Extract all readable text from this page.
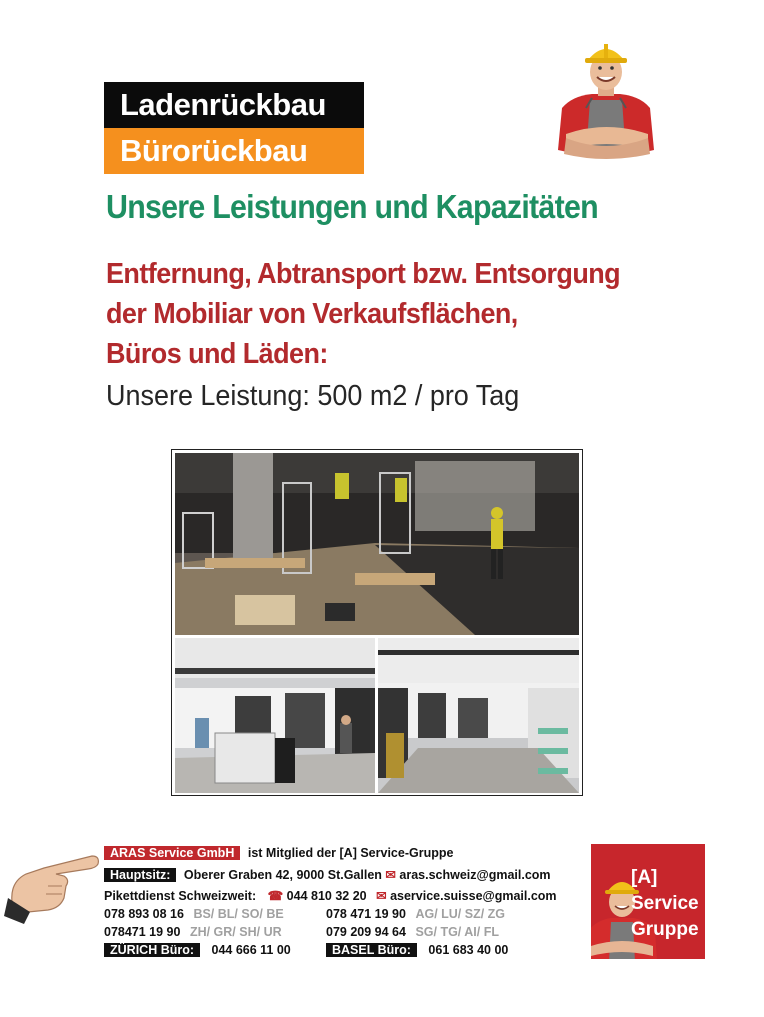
Ladenrückbau
Bürorückbau
Unsere Leistungen und Kapazitäten
Entfernung, Abtransport bzw. Entsorgung
der Mobiliar von Verkaufsflächen,
Büros und Läden:
Unsere Leistung: 500 m2 / pro Tag
ARAS Service GmbH ist Mitglied der [A] Service-Gruppe
Hauptsitz: Oberer Graben 42, 9000 St.Gallen ✉ aras.schweiz@gmail.com
Pikettdienst Schweizweit: ☎ 044 810 32 20 ✉ aservice.suisse@gmail.com
078 893 08 16 BS/ BL/ SO/ BE	078 471 19 90 AG/ LU/ SZ/ ZG
078471 19 90 ZH/ GR/ SH/ UR	079 209 94 64 SG/ TG/ AI/ FL
ZÜRICH Büro: 044 666 11 00	BASEL Büro: 061 683 40 00
[A]
Service
Gruppe
